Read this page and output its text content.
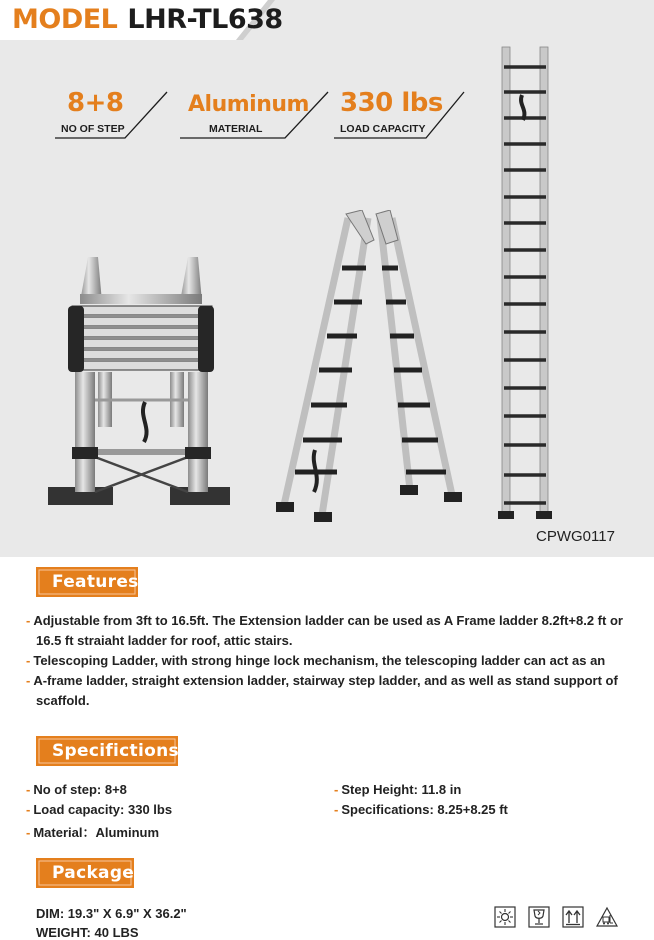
MODEL LHR-TL638
8+8
NO OF STEP
Aluminum
MATERIAL
330 lbs
LOAD CAPACITY
CPWG0117
Features
- Adjustable from 3ft to 16.5ft. The Extension ladder can be used as A Frame ladder 8.2ft+8.2 ft or
16.5 ft straiaht ladder for roof, attic stairs.
- Telescoping Ladder, with strong hinge lock mechanism, the telescoping ladder can act as an
- A-frame ladder, straight extension ladder, stairway step ladder, and as well as stand support of
scaffold.
Specifictions
- No of step: 8+8
- Load capacity: 330 lbs
- Material：Aluminum
- Step Height: 11.8 in
- Specifications: 8.25+8.25 ft
Package
DIM: 19.3" X 6.9" X 36.2"
WEIGHT: 40 LBS
